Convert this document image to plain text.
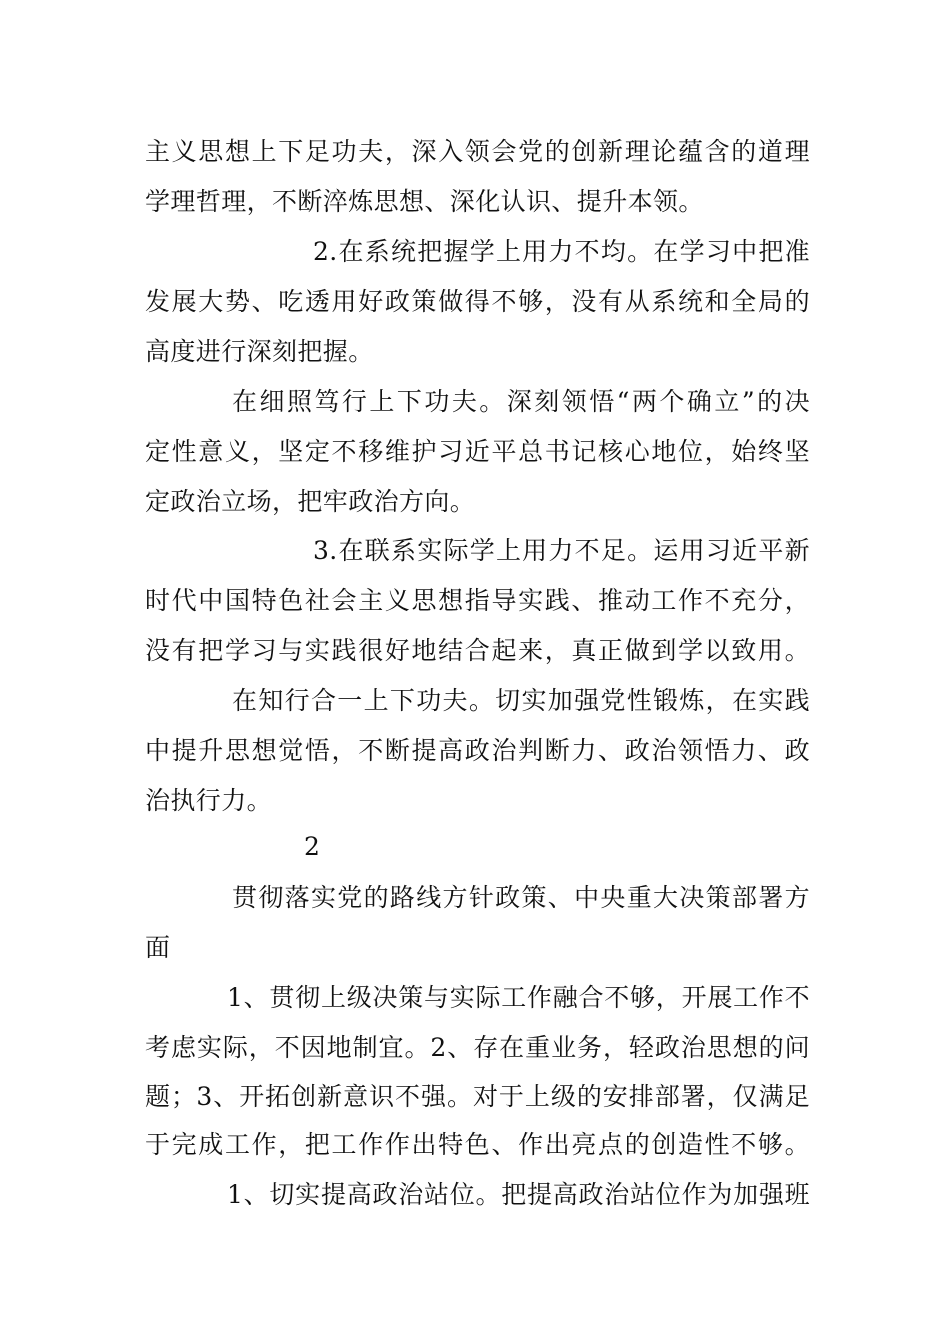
主义思想上下足功夫，深入领会党的创新理论蕴含的道理
学理哲理，不断淬炼思想、深化认识、提升本领。
2.在系统把握学上用力不均。在学习中把准
发展大势、吃透用好政策做得不够，没有从系统和全局的
高度进行深刻把握。
在细照笃行上下功夫。深刻领悟“两个确立”的决
定性意义，坚定不移维护习近平总书记核心地位，始终坚
定政治立场，把牢政治方向。
3.在联系实际学上用力不足。运用习近平新
时代中国特色社会主义思想指导实践、推动工作不充分，
没有把学习与实践很好地结合起来，真正做到学以致用。
在知行合一上下功夫。切实加强党性锻炼，在实践
中提升思想觉悟，不断提高政治判断力、政治领悟力、政
治执行力。
2
贯彻落实党的路线方针政策、中央重大决策部署方
面
1、贯彻上级决策与实际工作融合不够，开展工作不
考虑实际，不因地制宜。2、存在重业务，轻政治思想的问
题；3、开拓创新意识不强。对于上级的安排部署，仅满足
于完成工作，把工作作出特色、作出亮点的创造性不够。
1、切实提高政治站位。把提高政治站位作为加强班
